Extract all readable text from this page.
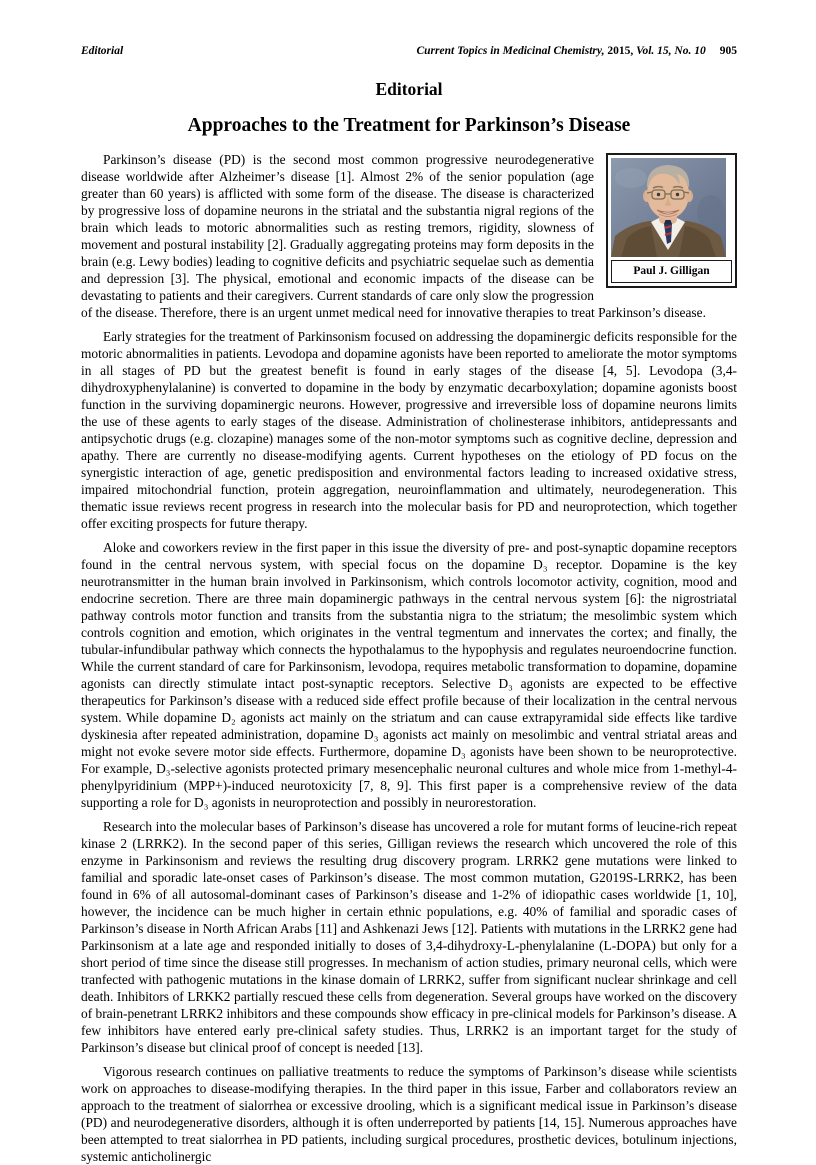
Editorial	Current Topics in Medicinal Chemistry, 2015, Vol. 15, No. 10 905
Editorial
Approaches to the Treatment for Parkinson’s Disease
Paul J. Gilligan

Parkinson’s disease (PD) is the second most common progressive neurodegenerative disease worldwide after Alzheimer’s disease [1]. Almost 2% of the senior population (age greater than 60 years) is afflicted with some form of the disease. The disease is characterized by progressive loss of dopamine neurons in the striatal and the substantia nigral regions of the brain which leads to motoric abnormalities such as resting tremors, rigidity, slowness of movement and postural instability [2]. Gradually aggregating proteins may form deposits in the brain (e.g. Lewy bodies) leading to cognitive deficits and psychiatric sequelae such as dementia and depression [3]. The physical, emotional and economic impacts of the disease can be devastating to patients and their caregivers. Current standards of care only slow the progression of the disease. Therefore, there is an urgent unmet medical need for innovative therapies to treat Parkinson’s disease.

Early strategies for the treatment of Parkinsonism focused on addressing the dopaminergic deficits responsible for the motoric abnormalities in patients. Levodopa and dopamine agonists have been reported to ameliorate the motor symptoms in all stages of PD but the greatest benefit is found in early stages of the disease [4, 5]. Levodopa (3,4-dihydroxyphenylalanine) is converted to dopamine in the body by enzymatic decarboxylation; dopamine agonists boost function in the surviving dopaminergic neurons. However, progressive and irreversible loss of dopamine neurons limits the use of these agents to early stages of the disease. Administration of cholinesterase inhibitors, antidepressants and antipsychotic drugs (e.g. clozapine) manages some of the non-motor symptoms such as cognitive decline, depression and apathy. There are currently no disease-modifying agents. Current hypotheses on the etiology of PD focus on the synergistic interaction of age, genetic predisposition and environmental factors leading to increased oxidative stress, impaired mitochondrial function, protein aggregation, neuroinflammation and ultimately, neurodegeneration. This thematic issue reviews recent progress in research into the molecular basis for PD and neuroprotection, which together offer exciting prospects for future therapy.

Aloke and coworkers review in the first paper in this issue the diversity of pre- and post-synaptic dopamine receptors found in the central nervous system, with special focus on the dopamine D₃ receptor. Dopamine is the key neurotransmitter in the human brain involved in Parkinsonism, which controls locomotor activity, cognition, mood and endocrine secretion. There are three main dopaminergic pathways in the central nervous system [6]: the nigrostriatal pathway controls motor function and transits from the substantia nigra to the striatum; the mesolimbic system which controls cognition and emotion, which originates in the ventral tegmentum and innervates the cortex; and finally, the tubular-infundibular pathway which connects the hypothalamus to the hypophysis and regulates neuroendocrine function. While the current standard of care for Parkinsonism, levodopa, requires metabolic transformation to dopamine, dopamine agonists can directly stimulate intact post-synaptic receptors. Selective D₃ agonists are expected to be effective therapeutics for Parkinson’s disease with a reduced side effect profile because of their localization in the central nervous system. While dopamine D₂ agonists act mainly on the striatum and can cause extrapyramidal side effects like tardive dyskinesia after repeated administration, dopamine D₃ agonists act mainly on mesolimbic and ventral striatal areas and might not evoke severe motor side effects. Furthermore, dopamine D₃ agonists have been shown to be neuroprotective. For example, D₃-selective agonists protected primary mesencephalic neuronal cultures and whole mice from 1-methyl-4-phenylpyridinium (MPP+)-induced neurotoxicity [7, 8, 9]. This first paper is a comprehensive review of the data supporting a role for D₃ agonists in neuroprotection and possibly in neurorestoration.

Research into the molecular bases of Parkinson’s disease has uncovered a role for mutant forms of leucine-rich repeat kinase 2 (LRRK2). In the second paper of this series, Gilligan reviews the research which uncovered the role of this enzyme in Parkinsonism and reviews the resulting drug discovery program. LRRK2 gene mutations were linked to familial and sporadic late-onset cases of Parkinson’s disease. The most common mutation, G2019S-LRRK2, has been found in 6% of all autosomal-dominant cases of Parkinson’s disease and 1-2% of idiopathic cases worldwide [1, 10], however, the incidence can be much higher in certain ethnic populations, e.g. 40% of familial and sporadic cases of Parkinson’s disease in North African Arabs [11] and Ashkenazi Jews [12]. Patients with mutations in the LRRK2 gene had Parkinsonism at a late age and responded initially to doses of 3,4-dihydroxy-L-phenylalanine (L-DOPA) but only for a short period of time since the disease still progresses. In mechanism of action studies, primary neuronal cells, which were tranfected with pathogenic mutations in the kinase domain of LRRK2, suffer from significant nuclear shrinkage and cell death. Inhibitors of LRKK2 partially rescued these cells from degeneration. Several groups have worked on the discovery of brain-penetrant LRRK2 inhibitors and these compounds show efficacy in pre-clinical models for Parkinson’s disease. A few inhibitors have entered early pre-clinical safety studies. Thus, LRRK2 is an important target for the study of Parkinson’s disease but clinical proof of concept is needed [13].

Vigorous research continues on palliative treatments to reduce the symptoms of Parkinson’s disease while scientists work on approaches to disease-modifying therapies. In the third paper in this issue, Farber and collaborators review an approach to the treatment of sialorrhea or excessive drooling, which is a significant medical issue in Parkinson’s disease (PD) and neurodegenerative disorders, although it is often underreported by patients [14, 15]. Numerous approaches have been attempted to treat sialorrhea in PD patients, including surgical procedures, prosthetic devices, botulinum injections, systemic anticholinergic
